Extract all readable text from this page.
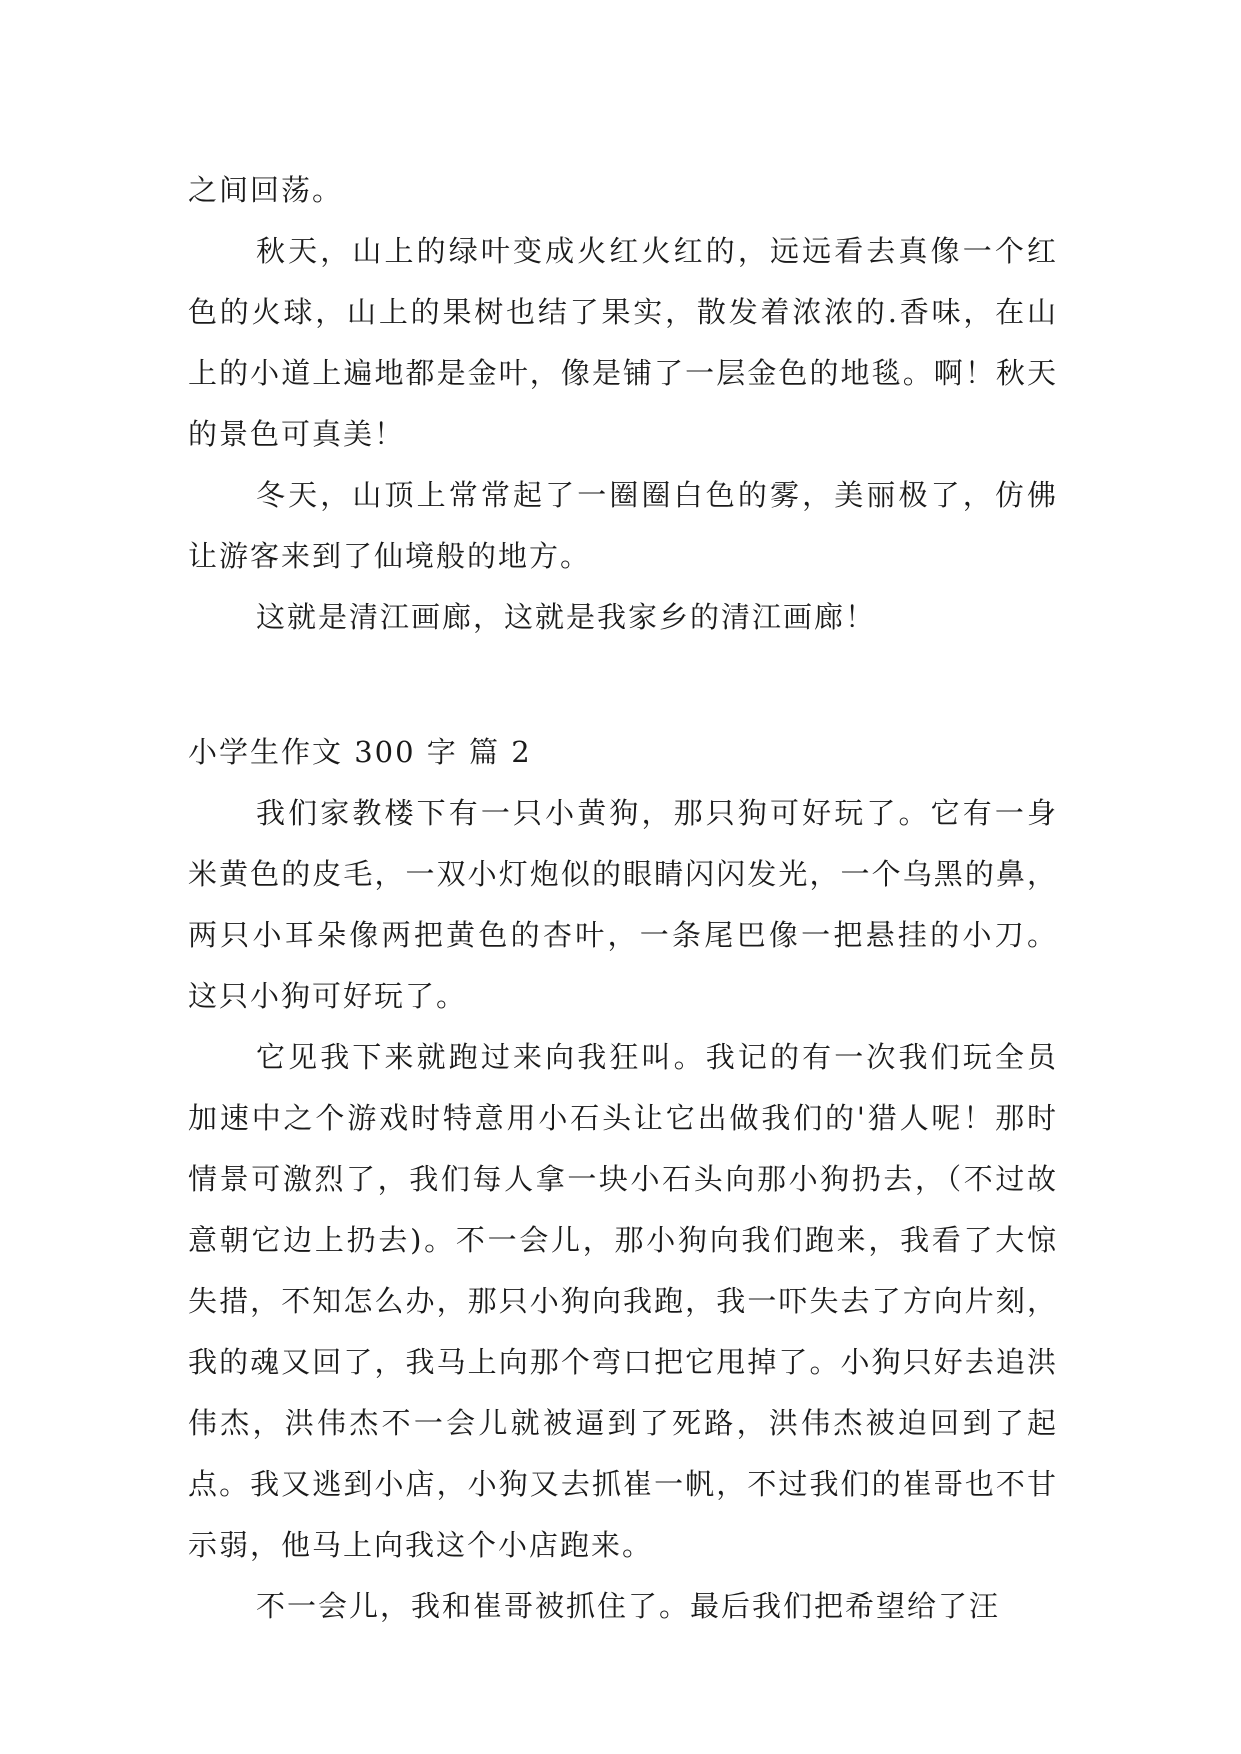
之间回荡。

秋天，山上的绿叶变成火红火红的，远远看去真像一个红色的火球，山上的果树也结了果实，散发着浓浓的.香味，在山上的小道上遍地都是金叶，像是铺了一层金色的地毯。啊！秋天的景色可真美！

冬天，山顶上常常起了一圈圈白色的雾，美丽极了，仿佛让游客来到了仙境般的地方。

这就是清江画廊，这就是我家乡的清江画廊！

小学生作文 300 字 篇 2

我们家教楼下有一只小黄狗，那只狗可好玩了。它有一身米黄色的皮毛，一双小灯炮似的眼睛闪闪发光，一个乌黑的鼻，两只小耳朵像两把黄色的杏叶，一条尾巴像一把悬挂的小刀。 这只小狗可好玩了。

它见我下来就跑过来向我狂叫。我记的有一次我们玩全员加速中之个游戏时特意用小石头让它出做我们的'猎人呢！那时情景可激烈了，我们每人拿一块小石头向那小狗扔去，（不过故意朝它边上扔去)。不一会儿，那小狗向我们跑来，我看了大惊失措，不知怎么办，那只小狗向我跑，我一吓失去了方向片刻，我的魂又回了，我马上向那个弯口把它甩掉了。小狗只好去追洪伟杰，洪伟杰不一会儿就被逼到了死路，洪伟杰被迫回到了起点。我又逃到小店，小狗又去抓崔一帆，不过我们的崔哥也不甘示弱，他马上向我这个小店跑来。

不一会儿，我和崔哥被抓住了。最后我们把希望给了汪
